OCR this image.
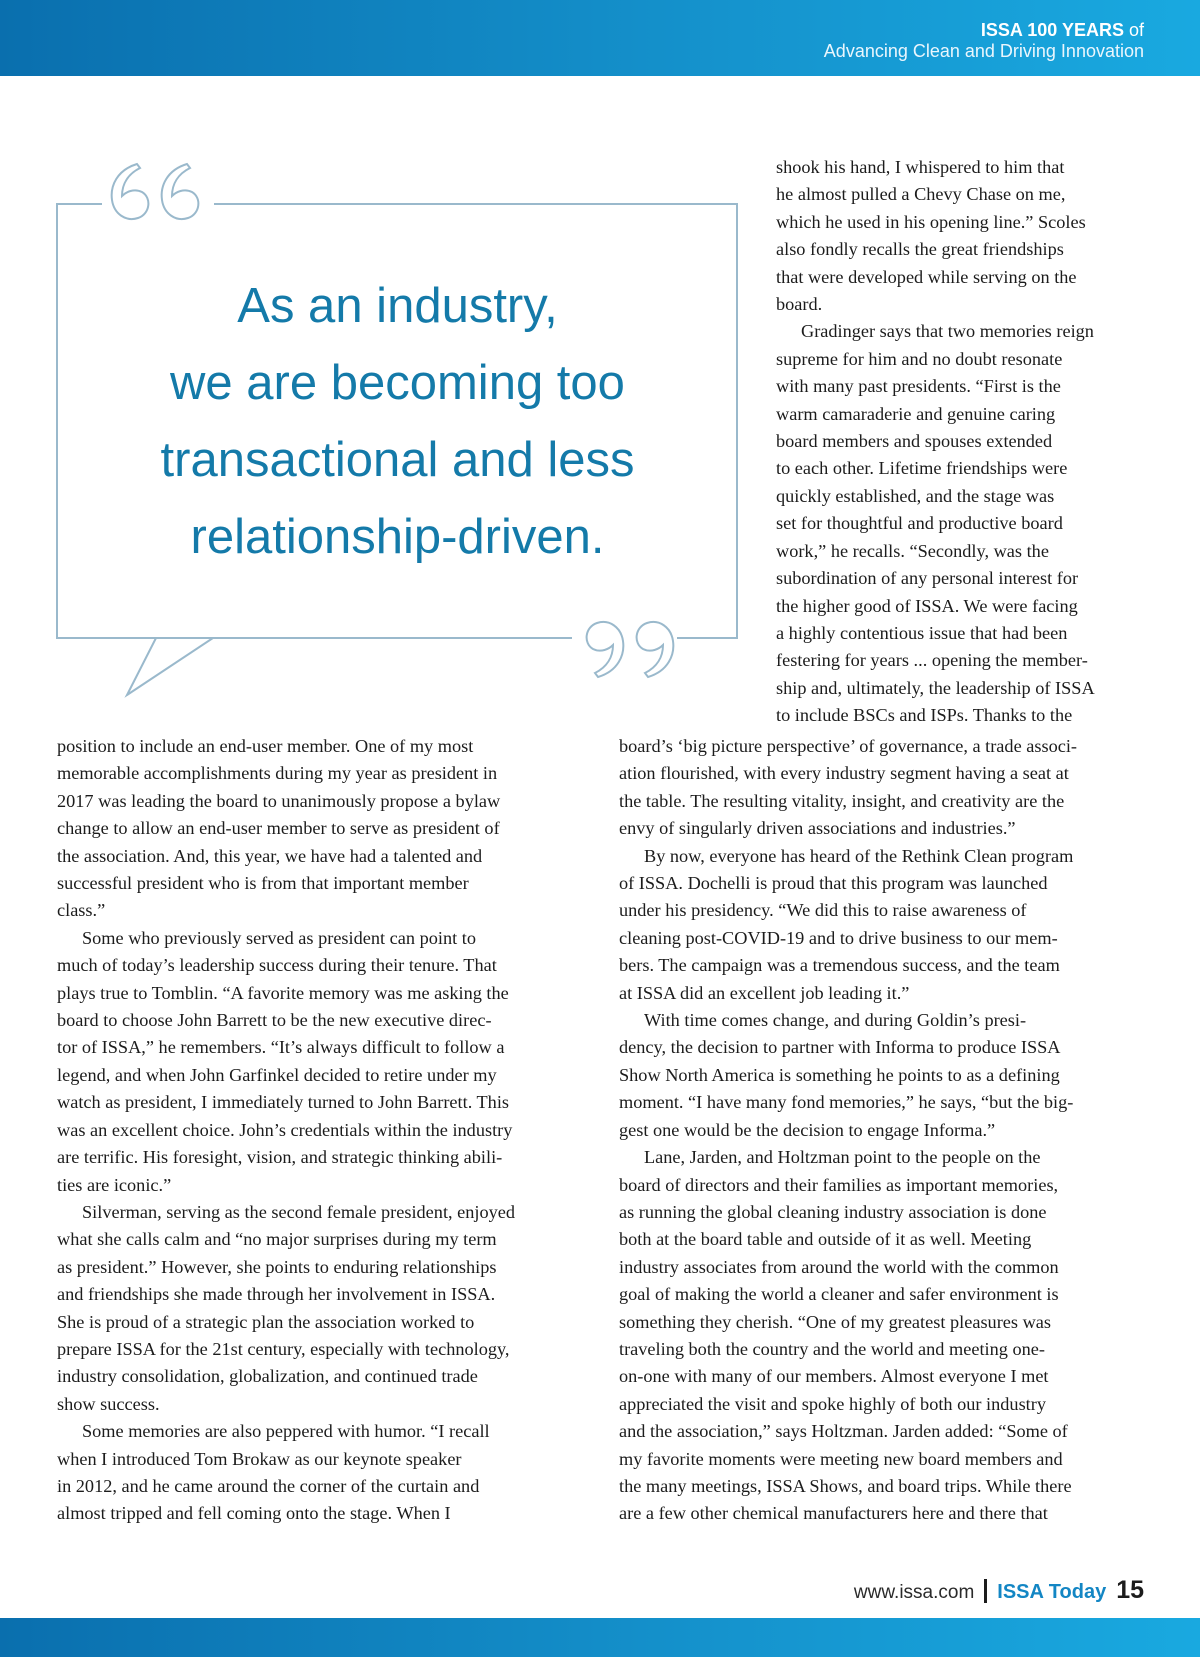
ISSA 100 YEARS of
Advancing Clean and Driving Innovation
As an industry,
we are becoming too
transactional and less
relationship-driven.
shook his hand, I whispered to him that
he almost pulled a Chevy Chase on me,
which he used in his opening line.” Scoles
also fondly recalls the great friendships
that were developed while serving on the
board.
Gradinger says that two memories reign
supreme for him and no doubt resonate
with many past presidents. “First is the
warm camaraderie and genuine caring
board members and spouses extended
to each other. Lifetime friendships were
quickly established, and the stage was
set for thoughtful and productive board
work,” he recalls. “Secondly, was the
subordination of any personal interest for
the higher good of ISSA. We were facing
a highly contentious issue that had been
festering for years ... opening the member-
ship and, ultimately, the leadership of ISSA
to include BSCs and ISPs. Thanks to the
position to include an end-user member. One of my most
memorable accomplishments during my year as president in
2017 was leading the board to unanimously propose a bylaw
change to allow an end-user member to serve as president of
the association. And, this year, we have had a talented and
successful president who is from that important member
class.”
Some who previously served as president can point to
much of today’s leadership success during their tenure. That
plays true to Tomblin. “A favorite memory was me asking the
board to choose John Barrett to be the new executive direc-
tor of ISSA,” he remembers. “It’s always difficult to follow a
legend, and when John Garfinkel decided to retire under my
watch as president, I immediately turned to John Barrett. This
was an excellent choice. John’s credentials within the industry
are terrific. His foresight, vision, and strategic thinking abili-
ties are iconic.”
Silverman, serving as the second female president, enjoyed
what she calls calm and “no major surprises during my term
as president.” However, she points to enduring relationships
and friendships she made through her involvement in ISSA.
She is proud of a strategic plan the association worked to
prepare ISSA for the 21st century, especially with technology,
industry consolidation, globalization, and continued trade
show success.
Some memories are also peppered with humor. “I recall
when I introduced Tom Brokaw as our keynote speaker
in 2012, and he came around the corner of the curtain and
almost tripped and fell coming onto the stage. When I
board’s ‘big picture perspective’ of governance, a trade associ-
ation flourished, with every industry segment having a seat at
the table. The resulting vitality, insight, and creativity are the
envy of singularly driven associations and industries.”
By now, everyone has heard of the Rethink Clean program
of ISSA. Dochelli is proud that this program was launched
under his presidency. “We did this to raise awareness of
cleaning post-COVID-19 and to drive business to our mem-
bers. The campaign was a tremendous success, and the team
at ISSA did an excellent job leading it.”
With time comes change, and during Goldin’s presi-
dency, the decision to partner with Informa to produce ISSA
Show North America is something he points to as a defining
moment. “I have many fond memories,” he says, “but the big-
gest one would be the decision to engage Informa.”
Lane, Jarden, and Holtzman point to the people on the
board of directors and their families as important memories,
as running the global cleaning industry association is done
both at the board table and outside of it as well. Meeting
industry associates from around the world with the common
goal of making the world a cleaner and safer environment is
something they cherish. “One of my greatest pleasures was
traveling both the country and the world and meeting one-
on-one with many of our members. Almost everyone I met
appreciated the visit and spoke highly of both our industry
and the association,” says Holtzman. Jarden added: “Some of
my favorite moments were meeting new board members and
the many meetings, ISSA Shows, and board trips. While there
are a few other chemical manufacturers here and there that
www.issa.com ISSA Today 15
